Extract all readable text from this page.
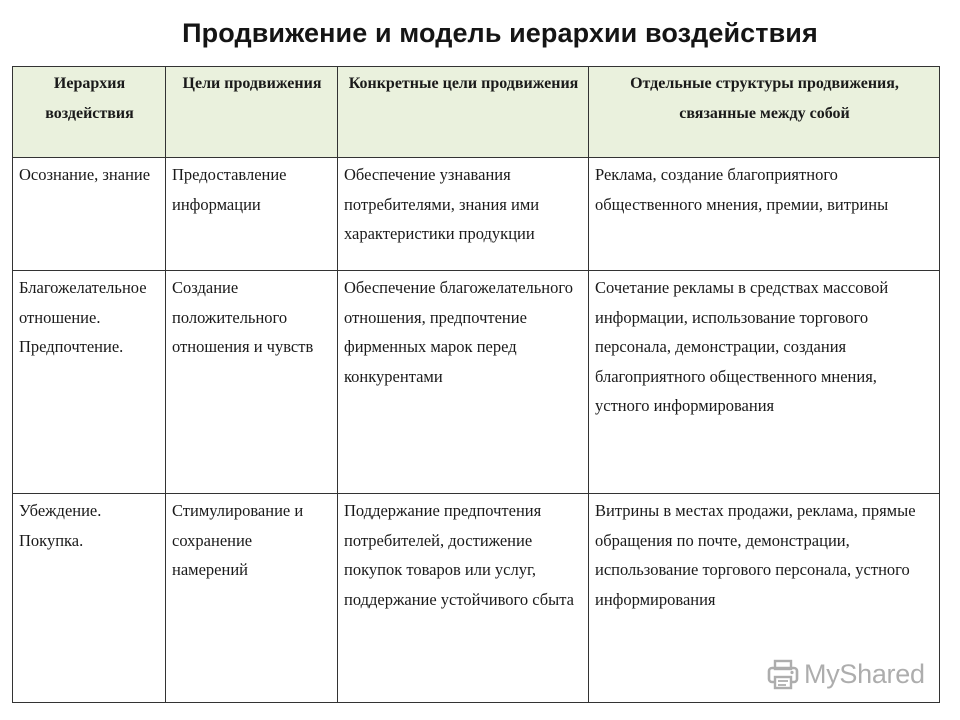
Продвижение и модель иерархии воздействия
Иерархия воздействия	Цели продвижения	Конкретные цели продвижения	Отдельные структуры продвижения, связанные между собой
Осознание, знание	Предоставление информации	Обеспечение узнавания потребителями, знания ими характеристики продукции	Реклама, создание благоприятного общественного мнения, премии, витрины
Благожелательное отношение. Предпочтение.	Создание положительного отношения и чувств	Обеспечение благожелательного отношения, предпочтение фирменных марок перед конкурентами	Сочетание рекламы в средствах массовой информации, использование торгового персонала, демонстрации, создания благоприятного общественного мнения, устного информирования
Убеждение. Покупка.	Стимулирование и сохранение намерений	Поддержание предпочтения потребителей, достижение покупок товаров или услуг, поддержание устойчивого сбыта	Витрины в местах продажи, реклама, прямые обращения по почте, демонстрации, использование торгового персонала, устного информирования
MyShared
